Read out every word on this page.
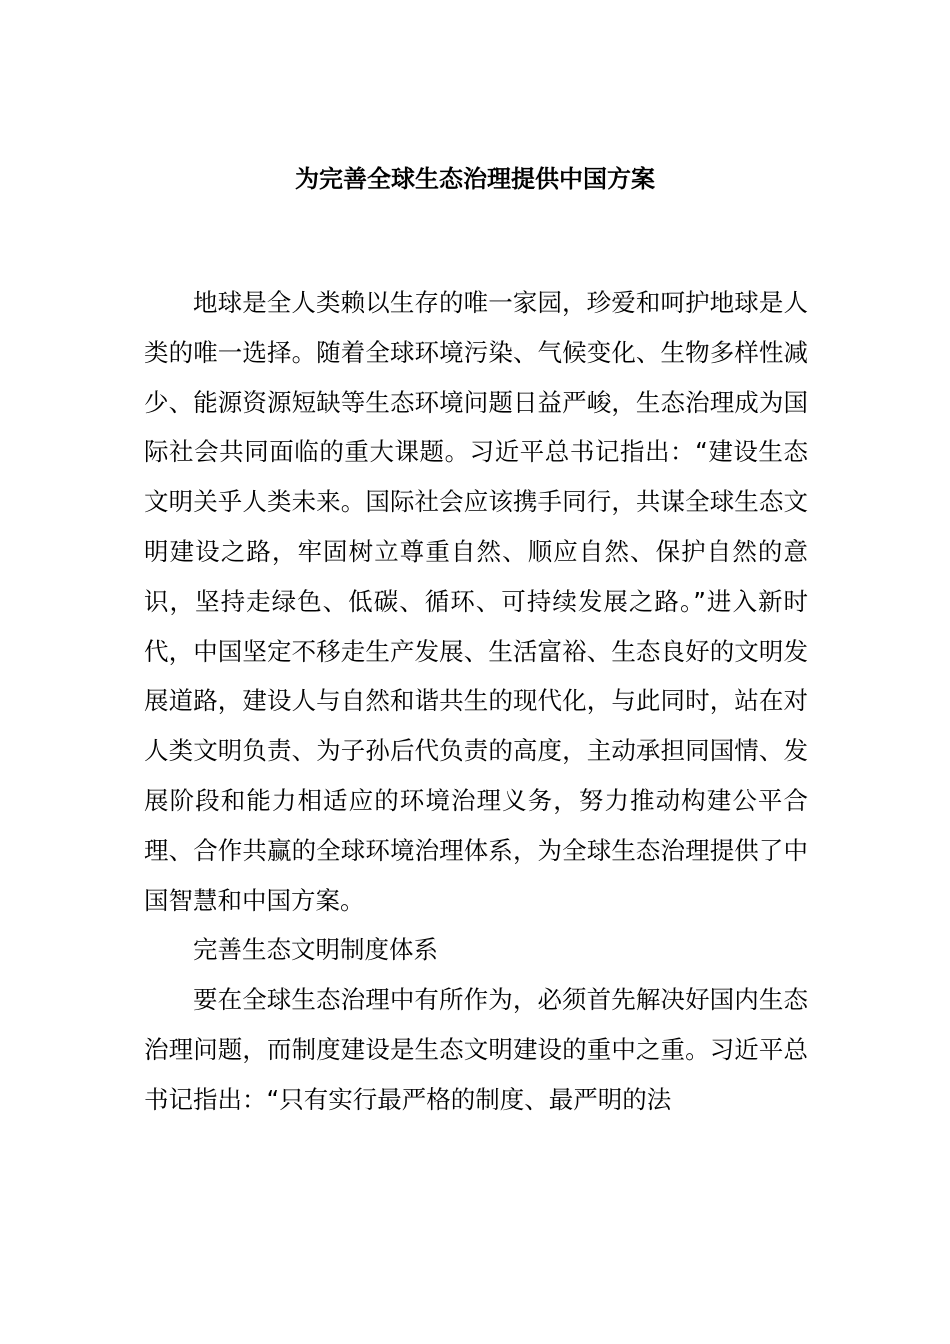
为完善全球生态治理提供中国方案

地球是全人类赖以生存的唯一家园，珍爱和呵护地球是人类的唯一选择。随着全球环境污染、气候变化、生物多样性减少、能源资源短缺等生态环境问题日益严峻，生态治理成为国际社会共同面临的重大课题。习近平总书记指出：“建设生态文明关乎人类未来。国际社会应该携手同行，共谋全球生态文明建设之路，牢固树立尊重自然、顺应自然、保护自然的意识，坚持走绿色、低碳、循环、可持续发展之路。”进入新时代，中国坚定不移走生产发展、生活富裕、生态良好的文明发展道路，建设人与自然和谐共生的现代化，与此同时，站在对人类文明负责、为子孙后代负责的高度，主动承担同国情、发展阶段和能力相适应的环境治理义务，努力推动构建公平合理、合作共赢的全球环境治理体系，为全球生态治理提供了中国智慧和中国方案。

完善生态文明制度体系

要在全球生态治理中有所作为，必须首先解决好国内生态治理问题，而制度建设是生态文明建设的重中之重。习近平总书记指出：“只有实行最严格的制度、最严明的法
